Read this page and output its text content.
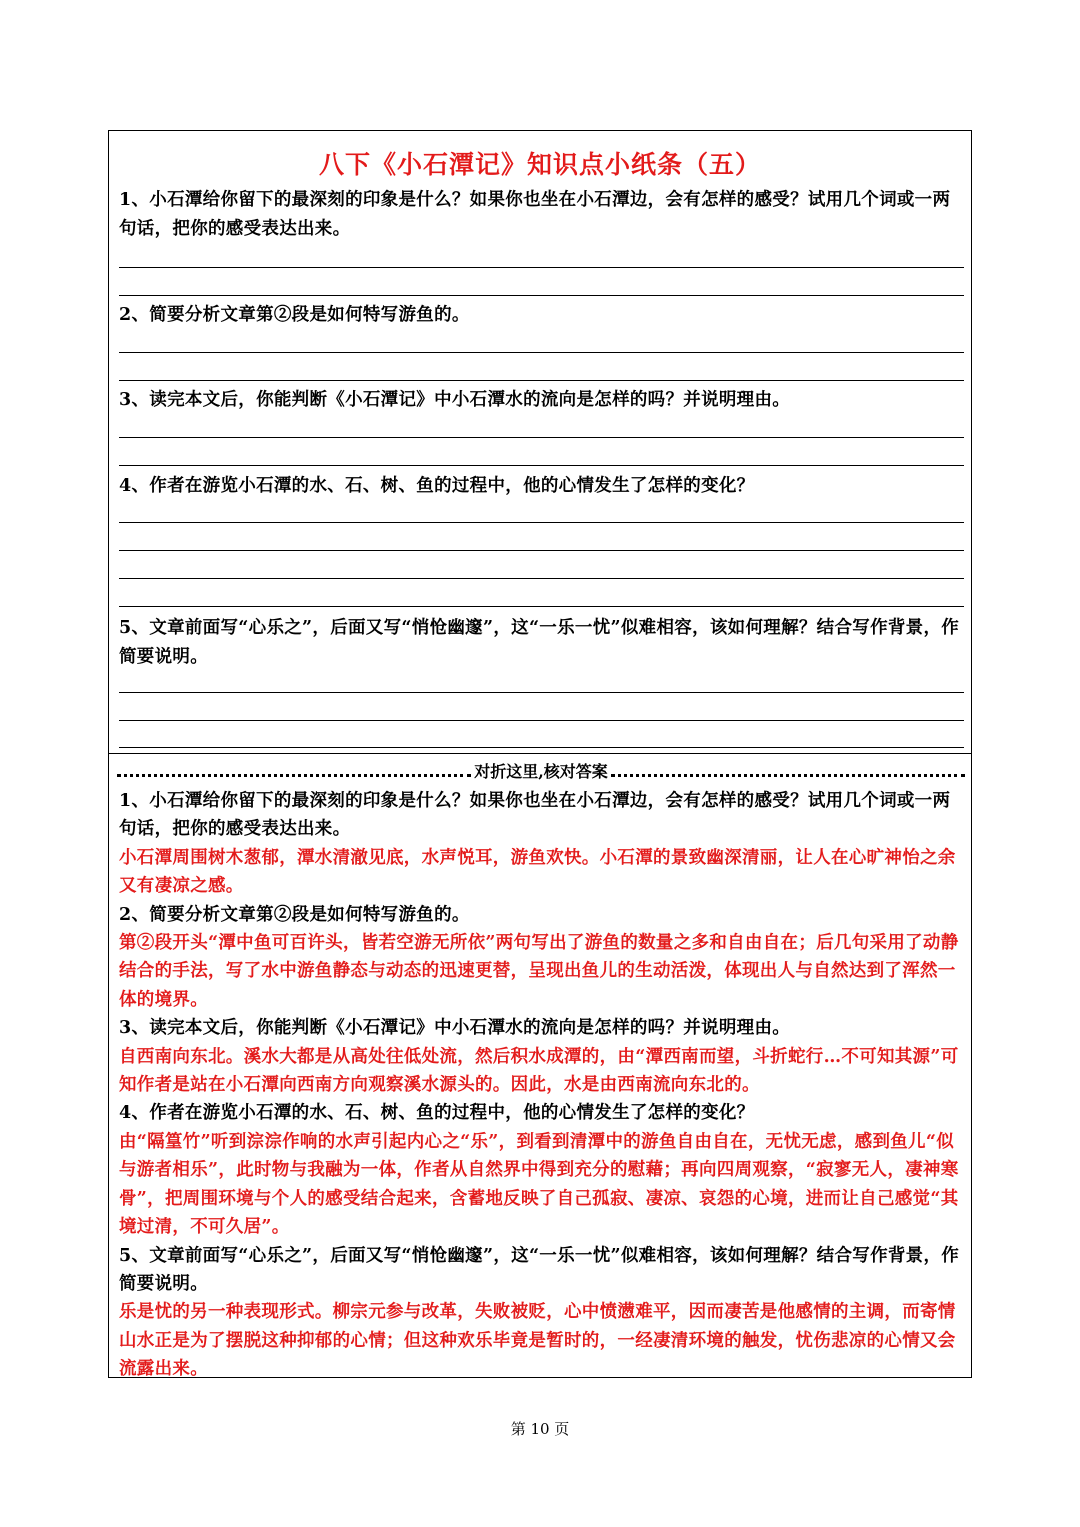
八下《小石潭记》知识点小纸条（五）
1、小石潭给你留下的最深刻的印象是什么？如果你也坐在小石潭边，会有怎样的感受？试用几个词或一两句话，把你的感受表达出来。
2、简要分析文章第②段是如何特写游鱼的。
3、读完本文后，你能判断《小石潭记》中小石潭水的流向是怎样的吗？并说明理由。
4、作者在游览小石潭的水、石、树、鱼的过程中，他的心情发生了怎样的变化？
5、文章前面写“心乐之”，后面又写“悄怆幽邃”，这“一乐一忧”似难相容，该如何理解？结合写作背景，作简要说明。
对折这里,核对答案

1、小石潭给你留下的最深刻的印象是什么？如果你也坐在小石潭边，会有怎样的感受？试用几个词或一两句话，把你的感受表达出来。

小石潭周围树木葱郁，潭水清澈见底，水声悦耳，游鱼欢快。小石潭的景致幽深清丽，让人在心旷神怡之余又有凄凉之感。

2、简要分析文章第②段是如何特写游鱼的。

第②段开头“潭中鱼可百许头，皆若空游无所依”两句写出了游鱼的数量之多和自由自在；后几句采用了动静结合的手法，写了水中游鱼静态与动态的迅速更替，呈现出鱼儿的生动活泼，体现出人与自然达到了浑然一体的境界。

3、读完本文后，你能判断《小石潭记》中小石潭水的流向是怎样的吗？并说明理由。

自西南向东北。溪水大都是从高处往低处流，然后积水成潭的，由“潭西南而望，斗折蛇行…不可知其源”可知作者是站在小石潭向西南方向观察溪水源头的。因此，水是由西南流向东北的。

4、作者在游览小石潭的水、石、树、鱼的过程中，他的心情发生了怎样的变化？

由“隔篁竹”听到淙淙作响的水声引起内心之“乐”，到看到清潭中的游鱼自由自在，无忧无虑，感到鱼儿“似与游者相乐”，此时物与我融为一体，作者从自然界中得到充分的慰藉；再向四周观察，“寂寥无人，凄神寒骨”，把周围环境与个人的感受结合起来，含蓄地反映了自己孤寂、凄凉、哀怨的心境，进而让自己感觉“其境过清，不可久居”。

5、文章前面写“心乐之”，后面又写“悄怆幽邃”，这“一乐一忧”似难相容，该如何理解？结合写作背景，作简要说明。

乐是忧的另一种表现形式。柳宗元参与改革，失败被贬，心中愤懑难平，因而凄苦是他感情的主调，而寄情山水正是为了摆脱这种抑郁的心情；但这种欢乐毕竟是暂时的，一经凄清环境的触发，忧伤悲凉的心情又会流露出来。

第 10 页
